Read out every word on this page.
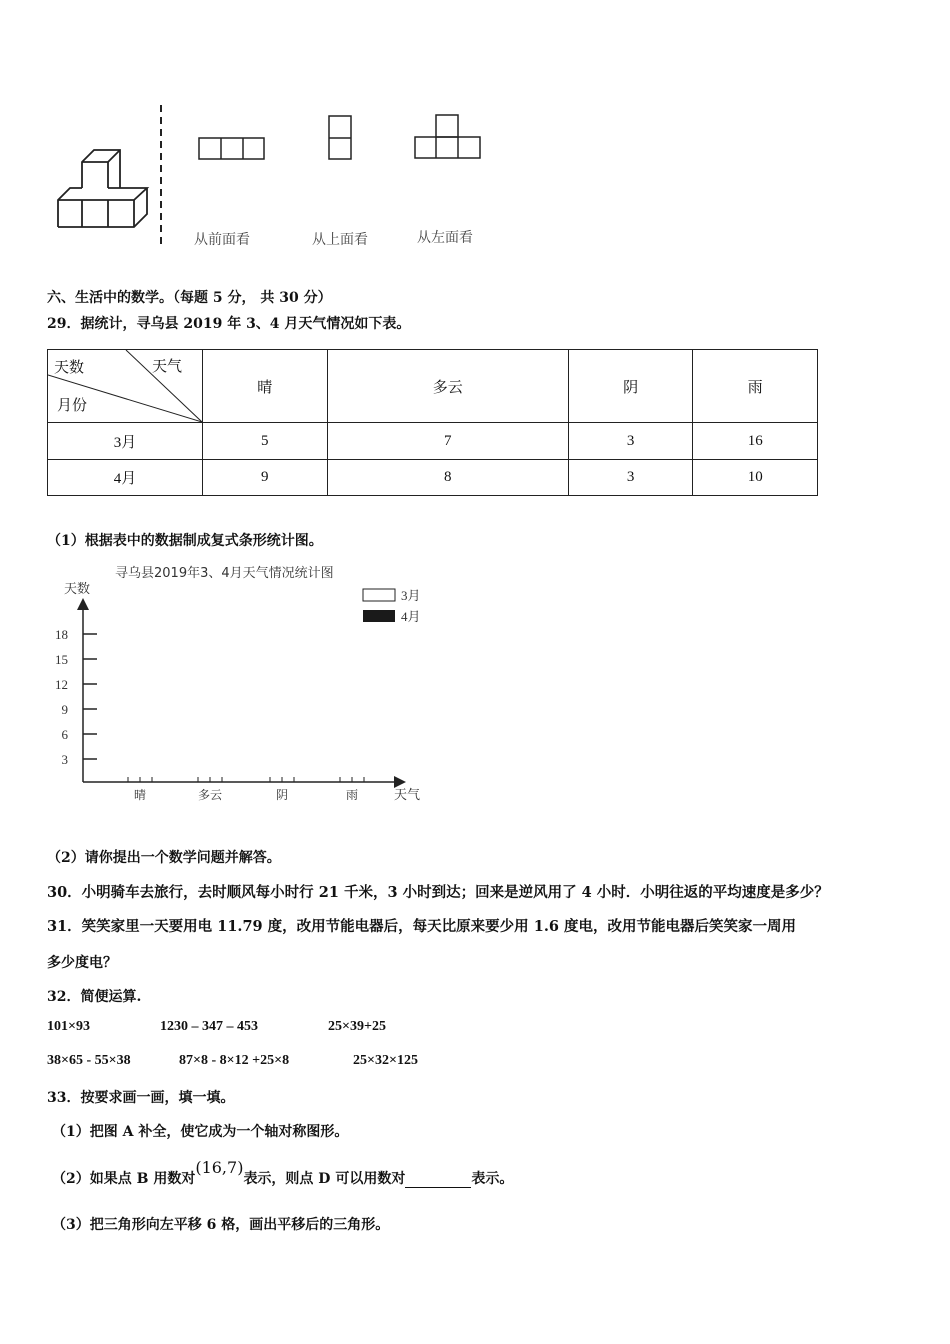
从前面看	从上面看	从左面看
六、生活中的数学。（每题 5 分， 共 30 分）
29．据统计，寻乌县 2019 年 3、4 月天气情况如下表。
天数 天气
月份	晴	多云	阴	雨
3月	5	7	3	16
4月	9	8	3	10
（1）根据表中的数据制成复式条形统计图。
寻乌县2019年3、4月天气情况统计图
天数
天气
3
6
9
12
15
18
晴	多云	阴	雨
3月
4月
（2）请你提出一个数学问题并解答。
30．小明骑车去旅行，去时顺风每小时行 21 千米，3 小时到达；回来是逆风用了 4 小时．小明往返的平均速度是多少？
31．笑笑家里一天要用电 11.79 度，改用节能电器后，每天比原来要少用 1.6 度电，改用节能电器后笑笑家一周用
多少度电？
32．简便运算.
101×93	1230 – 347 – 453	25×39+25
38×65 - 55×38	87×8 - 8×12 +25×8	25×32×125
33．按要求画一画，填一填。
（1）把图 A 补全，使它成为一个轴对称图形。
（2）如果点 B 用数对(16,7)表示，则点 D 可以用数对	表示。
（3）把三角形向左平移 6 格，画出平移后的三角形。
